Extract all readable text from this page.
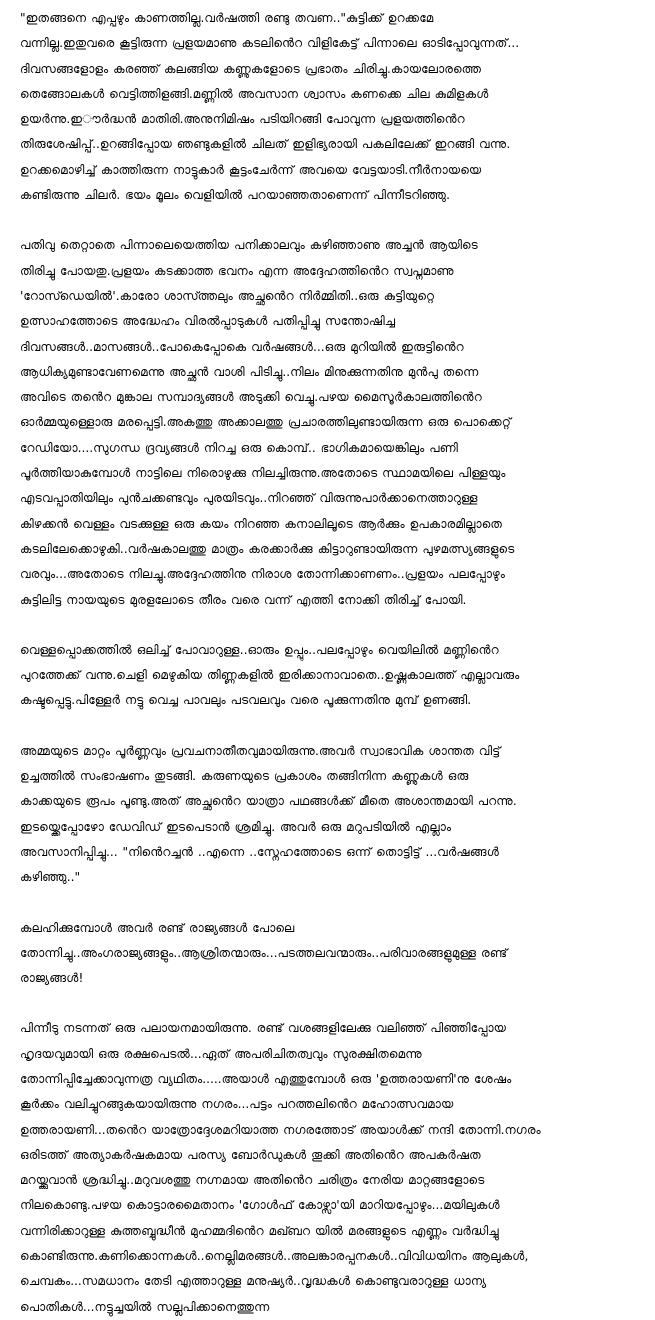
"ഇതങ്ങനെ എപ്പഴും കാണത്തില്ല.വർഷത്തി രണ്ടു തവണ.."കുട്ടിക്ക് ഉറക്കമേ
വന്നില്ല.ഇതുവരെ കൂട്ടിരുന്ന പ്രളയമാണു കടലിൻെറ വിളികേട്ട് പിന്നാലെ ഓടിപ്പോവുന്നത്...
ദിവസങ്ങളോളം കരഞ്ഞ് കലങ്ങിയ കണ്ണുകളോടെ പ്രഭാതം ചിരിച്ചു.കായലോരത്തെ
തെങ്ങോലകൾ വെട്ടിത്തിളങ്ങി.മണ്ണിൽ അവസാന ശ്വാസം കണക്കെ ചില കുമിളകൾ
ഉയർന്നു.ഇൗർദ്ധൻ മാതിരി.അനുനിമിഷം പടിയിറങ്ങി പോവുന്ന പ്രളയത്തിൻെറ
തിരുശേഷിപ്പ്..ഉറങ്ങിപ്പോയ ഞണ്ടുകളിൽ ചിലത് ഇളിഭ്യരായി പകലിലേക്ക് ഇറങ്ങി വന്നു.
ഉറക്കമൊഴിച്ച് കാത്തിരുന്ന നാട്ടുകാർ കൂട്ടംചേർന്ന് അവയെ വേട്ടയാടി.നീർനായയെ
കണ്ടിരുന്നു ചിലർ. ഭയം മൂലം വെളിയിൽ പറയാഞ്ഞതാണെന്ന് പിന്നീടറിഞ്ഞു.

പതിവു തെറ്റാതെ പിന്നാലെയെത്തിയ പനിക്കാലവും കഴിഞ്ഞാണു അച്ചൻ ആയിടെ
തിരിച്ചു പോയതു.പ്രളയം കടക്കാത്ത ഭവനം എന്ന അദ്ദേഹത്തിൻെറ സ്വപ്നമാണു
'റോസ്ഡെയിൽ'.കാരോ ശാസ്ത്തലും അച്ഛൻെറ നിർമ്മിതി..ഒരു കുട്ടിയുറ്റെ
ഉത്സാഹത്തോടെ അദ്ധേഹം വിരൽപ്പാടുകൾ പതിപ്പിച്ചു സന്തോഷിച്ച
ദിവസങ്ങൾ..മാസങ്ങൾ..പോകെപ്പോകെ വർഷങ്ങൾ...ഒരു മുറിയിൽ ഇരുട്ടിൻെറ
ആധിക്യമുണ്ടാവേണമെന്നു അച്ഛൻ വാശി പിടിച്ചു..നിലം മിനുക്കുന്നതിനു മുൻപു തന്നെ
അവിടെ തൻെറ മുങ്കാല സമ്പാദ്യങ്ങൾ അടുക്കി വെച്ചു.പഴയ മൈസൂർകാലത്തിൻെറ
ഓർമ്മയുള്ളൊരു മരപ്പെട്ടി.അകത്തു അക്കാലത്തു പ്രചാരത്തിലുണ്ടായിരുന്ന ഒരു പൊക്കെറ്റ്
റേഡിയോ....സുഗന്ധ ദ്രവ്യങ്ങൾ നിറച്ച ഒരു കൊമ്പ്.. ഭാഗികമായെങ്കിലും പണി
പൂർത്തിയാകുമ്പോൾ നാട്ടിലെ നിരൊഴുക്കു നിലച്ചിരുന്നു.അതോടെ സ്ഥാമയിലെ പിള്ളയും
എടവപ്പാതിയിലും പുൻചക്കണ്ടവും പുരയിടവും..നിറഞ്ഞ് വിരുന്നുപാർക്കാനെത്താറുള്ള
കിഴക്കൻ വെള്ളം വടക്കുള്ള ഒരു കയം നിറഞ്ഞ കനാലിലൂടെ ആർക്കും ഉപകാരമില്ലാതെ
കടലിലേക്കൊഴുകി..വർഷകാലത്തു മാത്രം കരക്കാർക്കു കിട്ടാറുണ്ടായിരുന്ന പുഴമത്സ്യങ്ങളുടെ
വരവും...അതോടെ നിലച്ചു.അദ്ദേഹത്തിനു നിരാശ തോന്നിക്കാണണം..പ്രളയം പലപ്പോഴും
കുട്ടിലിട്ട നായയുടെ മുരളലോടെ തീരം വരെ വന്ന് എത്തി നോക്കി തിരിച്ച് പോയി.

വെള്ളപ്പൊക്കത്തിൽ ഒലിച്ച് പോവാറുള്ള..ഓരും ഉപ്പും..പലപ്പോഴും വെയിലിൽ മണ്ണിൻെറ
പുറത്തേക്ക് വന്നു.ചെളി മെഴുകിയ തിണ്ണകളിൽ ഇരിക്കാനാവാതെ..ഉഷ്ണകാലത്ത് എല്ലാവരും
കഷ്ടപ്പെട്ടു.പിള്ളേർ നട്ടു വെച്ച പാവലും പടവലവും വരെ പൂക്കുന്നതിനു മുമ്പ് ഉണങ്ങി.

അമ്മയുടെ മാറ്റം പൂർണ്ണവും പ്രവചനാതീതവുമായിരുന്നു.അവർ സ്വാഭാവിക ശാന്തത വിട്ട്
ഉച്ചത്തിൽ സംഭാഷണം തുടങ്ങി. കരുണയുടെ പ്രകാശം തങ്ങിനിന്ന കണ്ണുകൾ ഒരു
കാക്കയുടെ രൂപം പൂണ്ടു.അത് അച്ഛൻെറ യാത്രാ പഥങ്ങൾക്ക് മീതെ അശാന്തമായി പറന്നു.
ഇടയ്ക്കെപ്പോഴോ ഡേവിഡ് ഇടപെടാൻ ശ്രമിച്ചു. അവർ ഒരു മറുപടിയിൽ എല്ലാം
അവസാനിപ്പിച്ചു... "നിൻെറച്ചൻ ..എന്നെ ..സ്നേഹത്തോടെ ഒന്ന് തൊട്ടിട്ട് ...വർഷങ്ങൾ
കഴിഞ്ഞു.."

കലഹിക്കുമ്പോൾ അവർ രണ്ട് രാജ്യങ്ങൾ പോലെ
തോന്നിച്ചു..അംഗരാജ്യങ്ങളും..ആശ്രിതന്മാരും...പടത്തലവന്മാരും..പരിവാരങ്ങളുമുള്ള രണ്ട്
രാജ്യങ്ങൾ!

പിന്നീടു നടന്നത് ഒരു പലായനമായിരുന്നു. രണ്ട് വശങ്ങളിലേക്കു വലിഞ്ഞ് പിഞ്ഞിപ്പോയ
ഹൃദയവുമായി ഒരു രക്ഷപെടൽ...ഏത് അപരിചിതത്വവും സുരക്ഷിതമെന്നു
തോന്നിപ്പിച്ചേക്കാവുന്നത്ര വ്യഥിതം.....അയാൾ എത്തുമ്പോൾ ഒരു 'ഉത്തരായണി'നു ശേഷം
കൂർക്കം വലിച്ചുറങ്ങുകയായിരുന്നു നഗരം...പട്ടം പറത്തലിൻെറ മഹോത്സവമായ
ഉത്തരായണി...തൻെറ യാത്രോദ്ദേശമറിയാത്ത നഗരത്തോട് അയാൾക്ക് നന്ദി തോന്നി.നഗരം
ഒരിടത്ത് അത്യാകർഷകമായ പരസ്യ ബോർഡുകൾ തൂക്കി അതിൻെറ അപകർഷത
മറയ്ക്കുവാൻ ശ്രദ്ധിച്ചു..മറുവശത്തു നഗ്നമായ അതിൻെറ ചരിത്രം നേരിയ മാറ്റങ്ങളോടെ
നിലകൊണ്ടു.പഴയ കൊട്ടാരമൈതാനം 'ഗോൾഫ് കോഴ്സാ'യി മാറിയപ്പോഴും...മയിലുകൾ
വന്നിരിക്കാറുള്ള കുത്തബ്ബുദ്ധീൻ മുഹമ്മദിൻെറ മഖ്ബറ യിൽ മരങ്ങളുടെ എണ്ണം വർദ്ധിച്ചു
കൊണ്ടിരുന്നു.കണിക്കൊന്നകൾ..നെല്ലിമരങ്ങൾ..അലങ്കാരപ്പനകൾ..വിവിധയിനം ആലുകൾ,
ചെമ്പകം...സമധാനം തേടി എത്താറുള്ള മനുഷ്യർ..വൃദ്ധകൾ കൊണ്ടുവരാറുള്ള ധാന്യ
പൊതികൾ...നട്ടുച്ചയിൽ സല്ലപിക്കാനെത്തുന്ന
